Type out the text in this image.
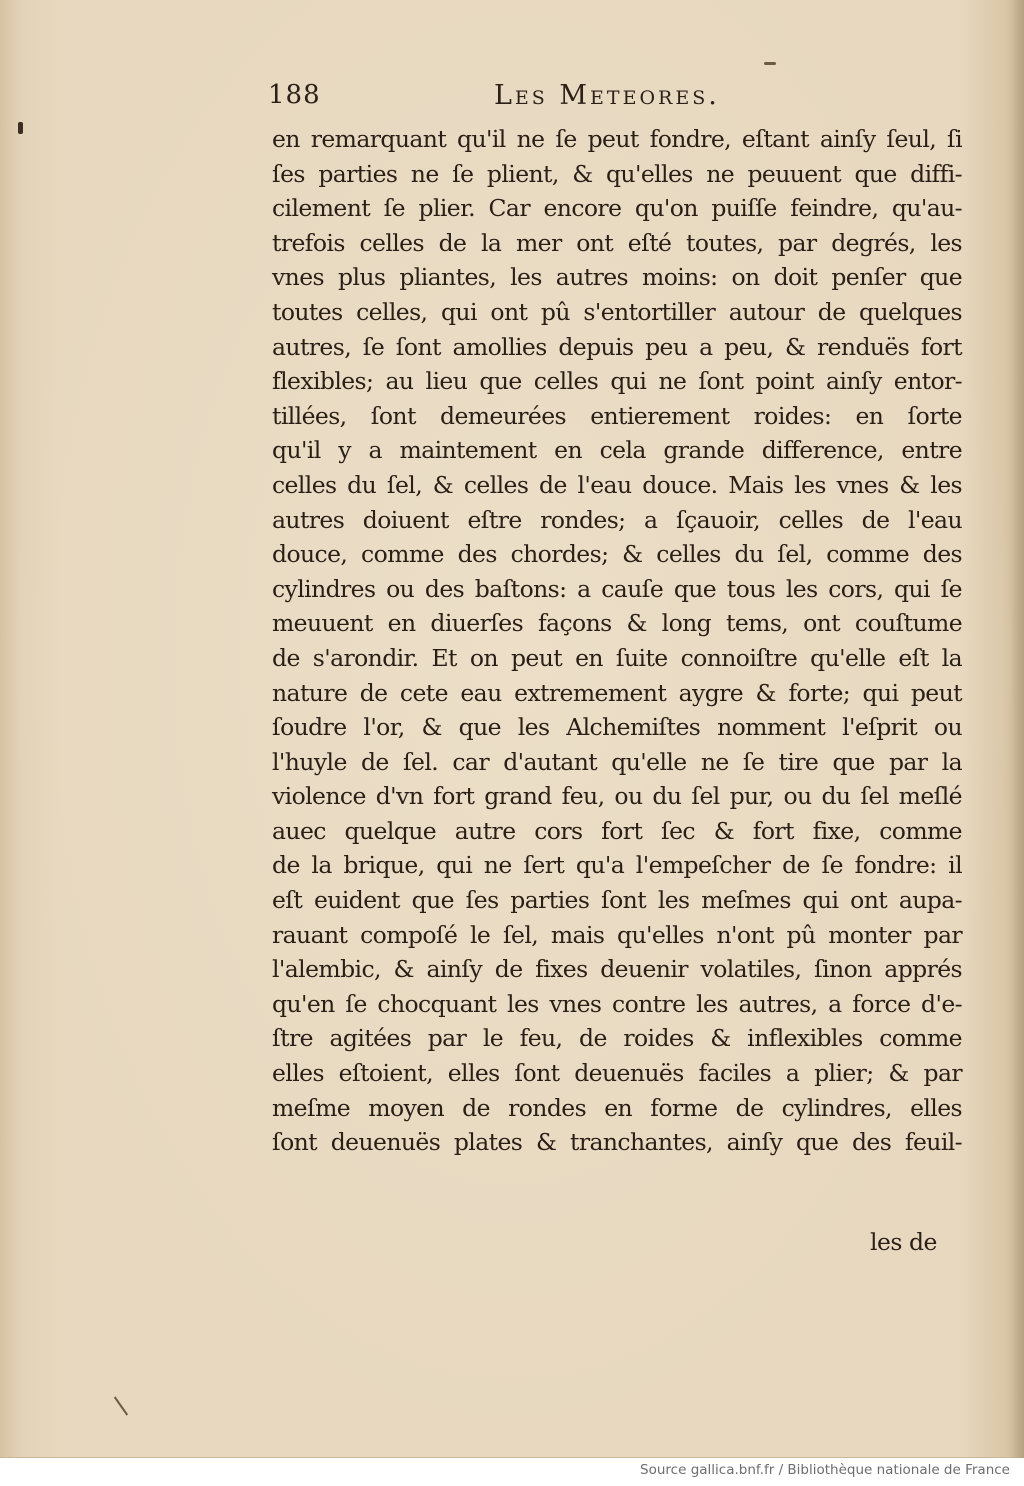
188	Les Meteores.
en remarquant qu'il ne ſe peut fondre, eſtant ainſy ſeul, ſi
ſes parties ne ſe plient, & qu'elles ne peuuent que diffi-
cilement ſe plier. Car encore qu'on puiſſe feindre, qu'au-
trefois celles de la mer ont eſté toutes, par degrés, les
vnes plus pliantes, les autres moins: on doit penſer que
toutes celles, qui ont pû s'entortiller autour de quelques
autres, ſe ſont amollies depuis peu a peu, & renduës fort
flexibles; au lieu que celles qui ne ſont point ainſy entor-
tillées, ſont demeurées entierement roides: en ſorte
qu'il y a maintement en cela grande difference, entre
celles du ſel, & celles de l'eau douce. Mais les vnes & les
autres doiuent eſtre rondes; a ſçauoir, celles de l'eau
douce, comme des chordes; & celles du ſel, comme des
cylindres ou des baſtons: a cauſe que tous les cors, qui ſe
meuuent en diuerſes façons & long tems, ont couſtume
de s'arondir. Et on peut en ſuite connoiſtre qu'elle eſt la
nature de cete eau extremement aygre & forte; qui peut
ſoudre l'or, & que les Alchemiſtes nomment l'eſprit ou
l'huyle de ſel. car d'autant qu'elle ne ſe tire que par la
violence d'vn fort grand feu, ou du ſel pur, ou du ſel meſlé
auec quelque autre cors fort ſec & fort fixe, comme
de la brique, qui ne ſert qu'a l'empeſcher de ſe fondre: il
eſt euident que ſes parties ſont les meſmes qui ont aupa-
rauant compoſé le ſel, mais qu'elles n'ont pû monter par
l'alembic, & ainſy de fixes deuenir volatiles, ſinon apprés
qu'en ſe chocquant les vnes contre les autres, a force d'e-
ſtre agitées par le feu, de roides & inflexibles comme
elles eſtoient, elles ſont deuenuës faciles a plier; & par
meſme moyen de rondes en forme de cylindres, elles
ſont deuenuës plates & tranchantes, ainſy que des feuil-
les de
Source gallica.bnf.fr / Bibliothèque nationale de France
